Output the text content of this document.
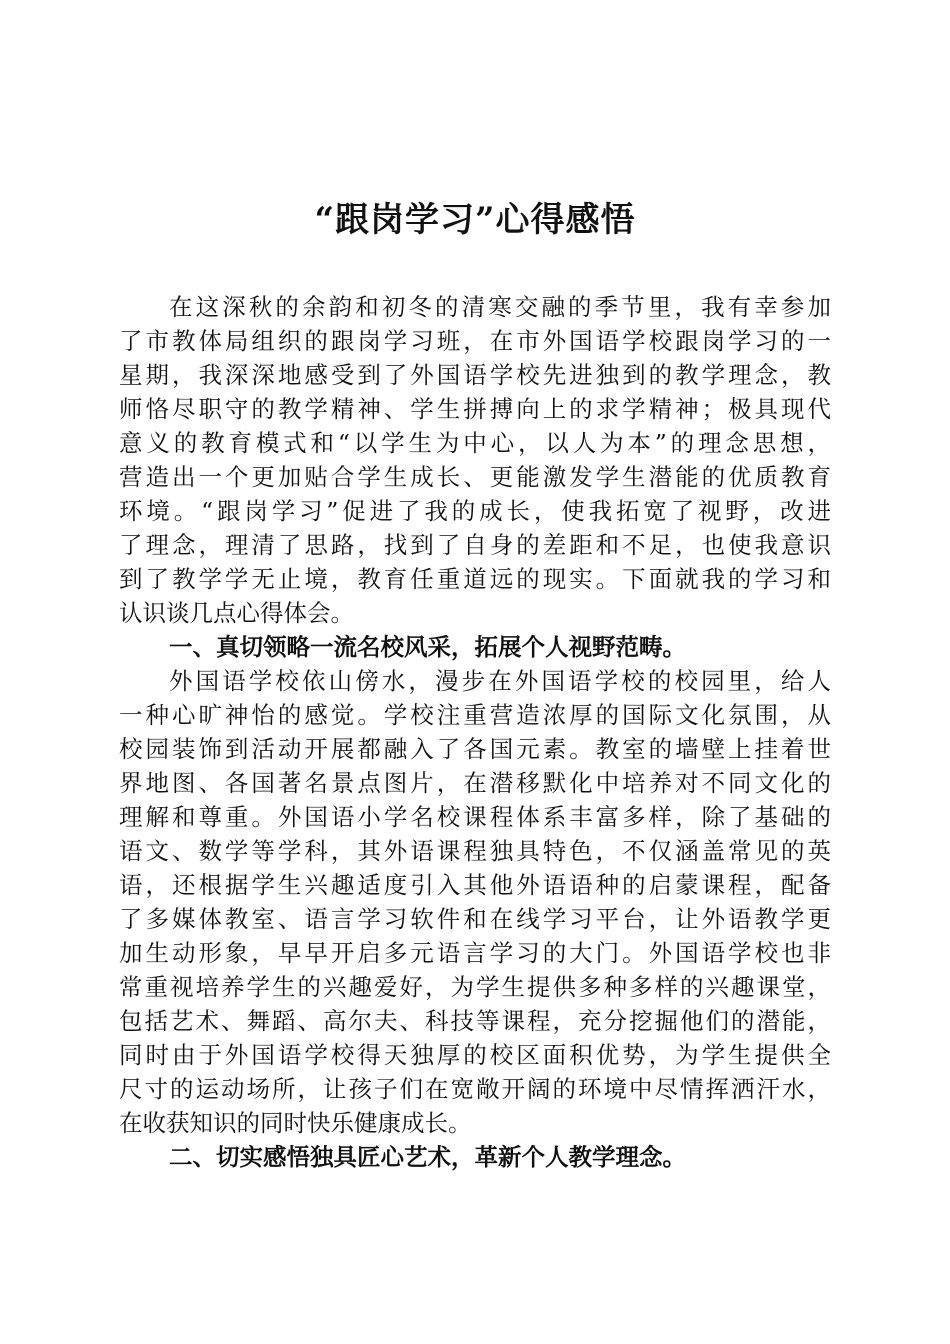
“跟岗学习”心得感悟
在这深秋的余韵和初冬的清寒交融的季节里，我有幸参加
了市教体局组织的跟岗学习班，在市外国语学校跟岗学习的一
星期，我深深地感受到了外国语学校先进独到的教学理念，教
师恪尽职守的教学精神、学生拼搏向上的求学精神；极具现代
意义的教育模式和“以学生为中心，以人为本”的理念思想，
营造出一个更加贴合学生成长、更能激发学生潜能的优质教育
环境。“跟岗学习”促进了我的成长，使我拓宽了视野，改进
了理念，理清了思路，找到了自身的差距和不足，也使我意识
到了教学学无止境，教育任重道远的现实。下面就我的学习和
认识谈几点心得体会。
一、真切领略一流名校风采，拓展个人视野范畴。
外国语学校依山傍水，漫步在外国语学校的校园里，给人
一种心旷神怡的感觉。学校注重营造浓厚的国际文化氛围，从
校园装饰到活动开展都融入了各国元素。教室的墙壁上挂着世
界地图、各国著名景点图片，在潜移默化中培养对不同文化的
理解和尊重。外国语小学名校课程体系丰富多样，除了基础的
语文、数学等学科，其外语课程独具特色，不仅涵盖常见的英
语，还根据学生兴趣适度引入其他外语语种的启蒙课程，配备
了多媒体教室、语言学习软件和在线学习平台，让外语教学更
加生动形象，早早开启多元语言学习的大门。外国语学校也非
常重视培养学生的兴趣爱好，为学生提供多种多样的兴趣课堂，
包括艺术、舞蹈、高尔夫、科技等课程，充分挖掘他们的潜能，
同时由于外国语学校得天独厚的校区面积优势，为学生提供全
尺寸的运动场所，让孩子们在宽敞开阔的环境中尽情挥洒汗水，
在收获知识的同时快乐健康成长。
二、切实感悟独具匠心艺术，革新个人教学理念。
